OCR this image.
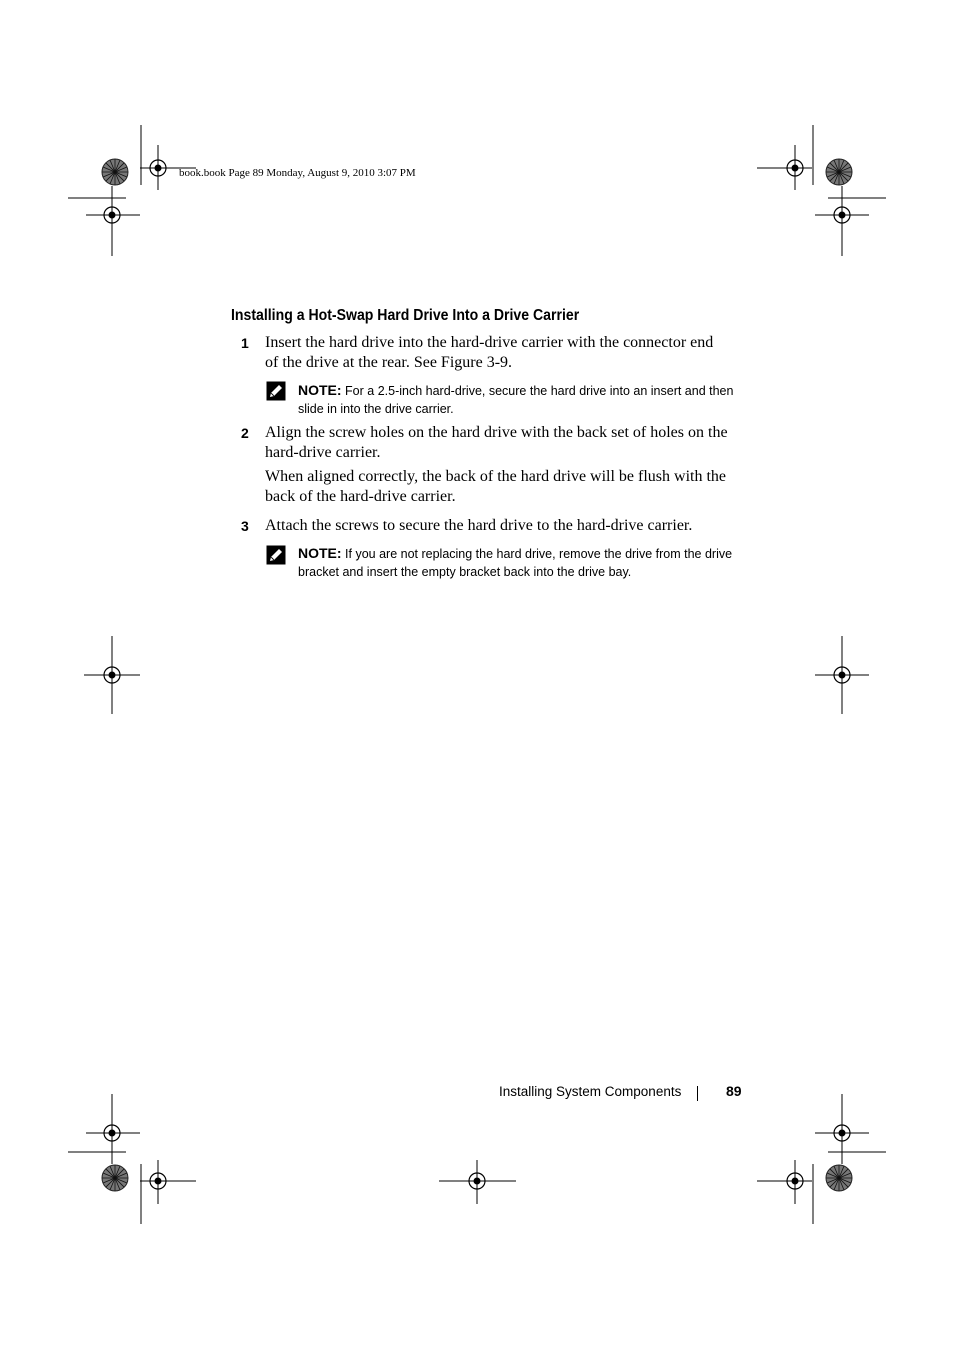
book.book Page 89 Monday, August 9, 2010 3:07 PM
Installing a Hot-Swap Hard Drive Into a Drive Carrier
1 Insert the hard drive into the hard-drive carrier with the connector end
of the drive at the rear. See Figure 3-9.
NOTE: For a 2.5-inch hard-drive, secure the hard drive into an insert and then
slide in into the drive carrier.
2 Align the screw holes on the hard drive with the back set of holes on the
hard-drive carrier.
When aligned correctly, the back of the hard drive will be flush with the
back of the hard-drive carrier.
3 Attach the screws to secure the hard drive to the hard-drive carrier.
NOTE: If you are not replacing the hard drive, remove the drive from the drive
bracket and insert the empty bracket back into the drive bay.
Installing System Components	89
